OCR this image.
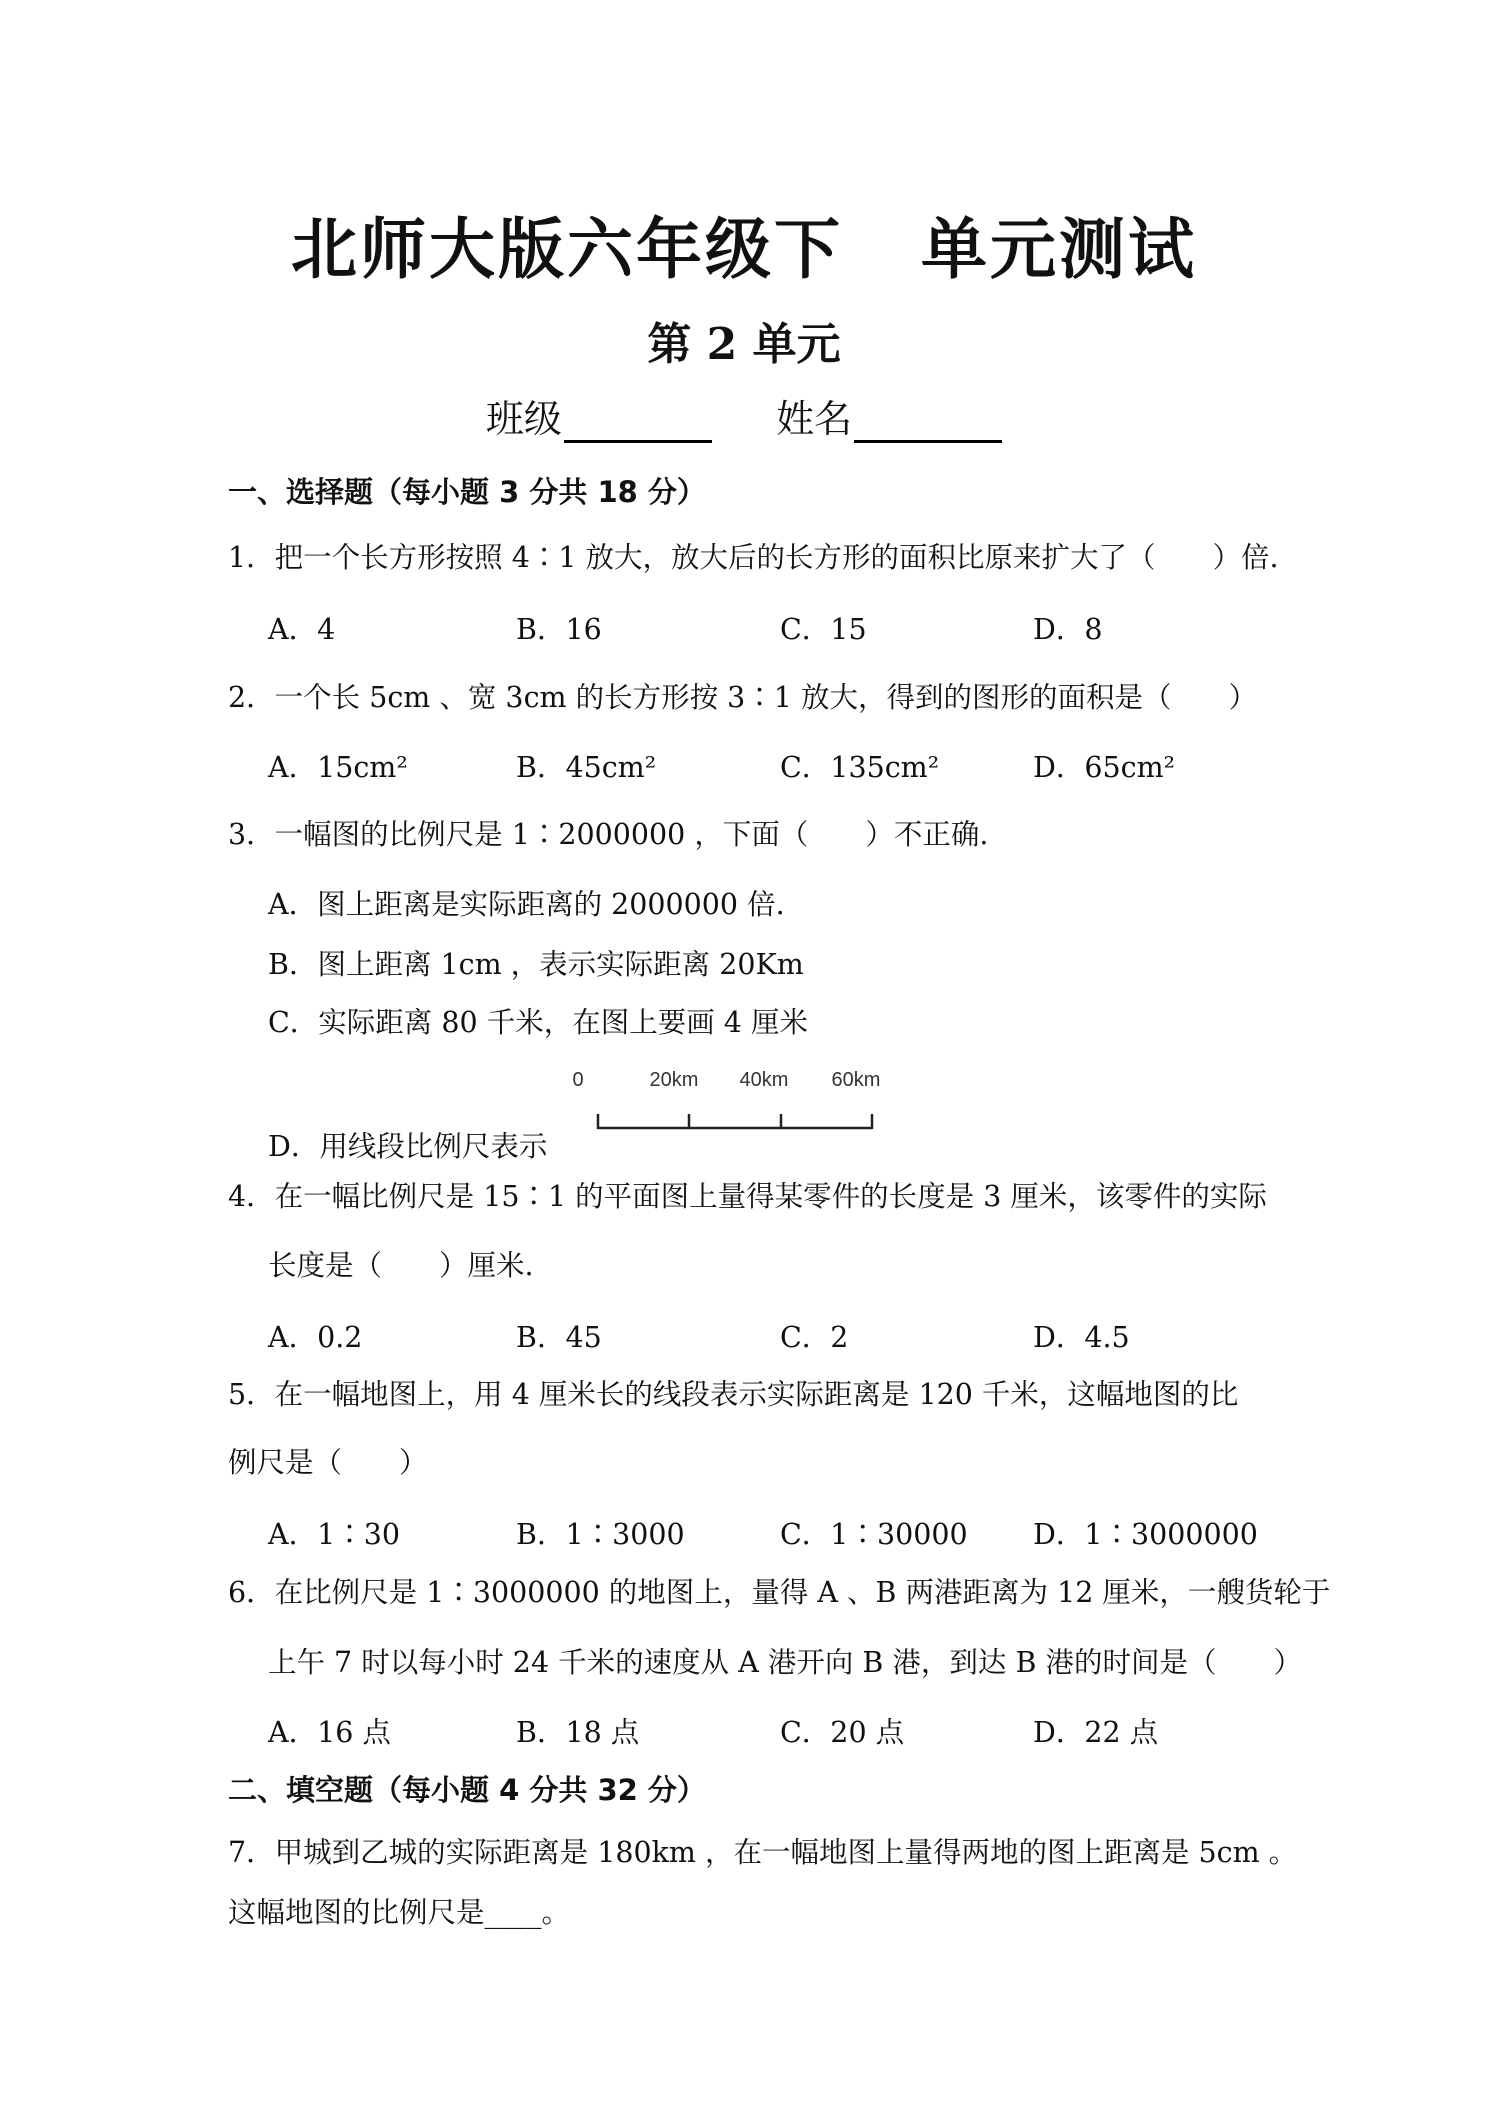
北师大版六年级下 单元测试
第 2 单元
班级	姓名
一、选择题（每小题 3 分共 18 分）
1．把一个长方形按照 4∶1 放大，放大后的长方形的面积比原来扩大了（　　）倍.
A．4	B．16	C．15	D．8
2．一个长 5cm 、宽 3cm 的长方形按 3∶1 放大，得到的图形的面积是（　　）
A．15cm²	B．45cm²	C．135cm²	D．65cm²
3．一幅图的比例尺是 1∶2000000 ，下面（　　）不正确.
A．图上距离是实际距离的 2000000 倍.
B．图上距离 1cm ，表示实际距离 20Km
C．实际距离 80 千米，在图上要画 4 厘米
D．用线段比例尺表示
0	20km 40km 60km
4．在一幅比例尺是 15∶1 的平面图上量得某零件的长度是 3 厘米，该零件的实际
长度是（　　）厘米.
A．0.2	B．45	C．2	D．4.5
5．在一幅地图上，用 4 厘米长的线段表示实际距离是 120 千米，这幅地图的比
例尺是（　　）
A．1∶30	B．1∶3000	C．1∶30000 D．1∶3000000
6．在比例尺是 1∶3000000 的地图上，量得 A 、B 两港距离为 12 厘米，一艘货轮于
上午 7 时以每小时 24 千米的速度从 A 港开向 B 港，到达 B 港的时间是（　　）
A．16 点	B．18 点	C．20 点	D．22 点
二、填空题（每小题 4 分共 32 分）
7．甲城到乙城的实际距离是 180km ，在一幅地图上量得两地的图上距离是 5cm 。
这幅地图的比例尺是____。
